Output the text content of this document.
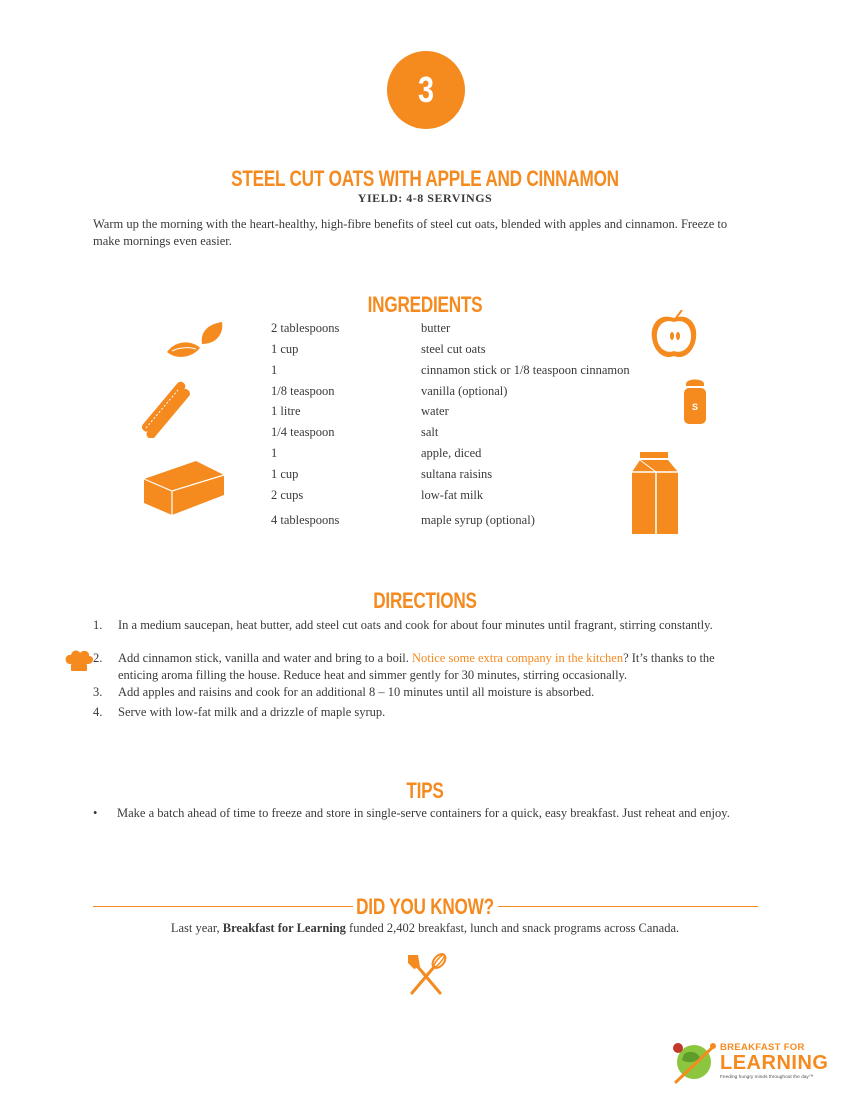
3
STEEL CUT OATS WITH APPLE AND CINNAMON
YIELD: 4-8 SERVINGS
Warm up the morning with the heart-healthy, high-fibre benefits of steel cut oats, blended with apples and cinnamon. Freeze to make mornings even easier.
INGREDIENTS
2 tablespoons	butter
1 cup	steel cut oats
1	cinnamon stick or 1/8 teaspoon cinnamon
1/8 teaspoon	vanilla (optional)
1 litre	water
1/4 teaspoon	salt
1	apple, diced
1 cup	sultana raisins
2 cups	low-fat milk
4 tablespoons	maple syrup (optional)
S
DIRECTIONS
1. In a medium saucepan, heat butter, add steel cut oats and cook for about four minutes until fragrant, stirring constantly.
2. Add cinnamon stick, vanilla and water and bring to a boil. Notice some extra company in the kitchen? It’s thanks to the enticing aroma filling the house. Reduce heat and simmer gently for 30 minutes, stirring occasionally.
3. Add apples and raisins and cook for an additional 8 – 10 minutes until all moisture is absorbed.
4. Serve with low-fat milk and a drizzle of maple syrup.
TIPS
• Make a batch ahead of time to freeze and store in single-serve containers for a quick, easy breakfast. Just reheat and enjoy.
DID YOU KNOW?
Last year, Breakfast for Learning funded 2,402 breakfast, lunch and snack programs across Canada.
BREAKFAST FOR
LEARNING
Feeding hungry minds throughout the day™
